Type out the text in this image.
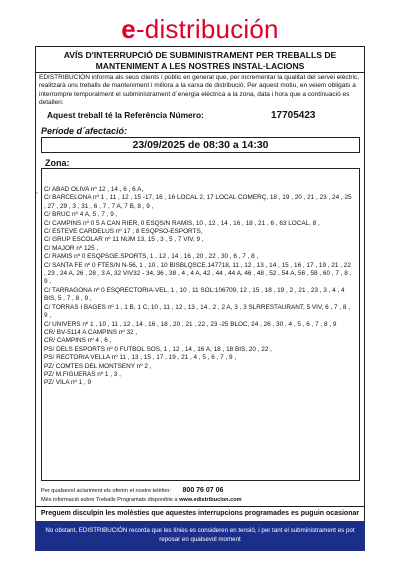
e-distribución
AVÍS D'INTERRUPCIÓ DE SUBMINISTRAMENT PER TREBALLS DE MANTENIMENT A LES NOSTRES INSTAL·LACIONS
EDISTRIBUCIÓN informa als seus clients i públic en general que, per incrementar la qualitat del servei elèctric, realitzarà uns treballs de manteniment i millora a la xarxa de distribució. Per aquest motiu, en veiem obligats a interrompre temporalment el subministrament d´energia elèctrica a la zona, data i hora que a continuació es detallen:
Aquest treball té la Referència Número:	17705423
Període d´afectació:
23/09/2025 de 08:30 a 14:30
Zona:
, C/ ABAD OLIVA nº 12 , 14 , 6 , 6 A,
C/ BARCELONA nº 1 , 11 , 12 , 15 -17, 16 , 16 LOCAL 2, 17 LOCAL COMERÇ, 18 , 19 , 20 , 21 , 23 , 24 , 25 , 27 , 29 , 3 , 31 , 6 , 7 , 7 A, 7 B, 8 , 9 ,
C/ BRUC nº 4 A, 5 , 7 , 9 ,
C/ CAMPINS nº 0 5 A CAN RIER, 0 ESQS/N RAMIS, 10 , 12 , 14 , 16 , 18 , 21 , 6 , 63 LOCAL, 8 ,
C/ ESTEVE CARDELUS nº 17 , 8 ESQPSO-ESPORTS,
C/ GRUP ESCOLAR nº 11 NUM 13, 15 , 3 , 5 , 7 VIV, 9 ,
C/ MAJOR nº 125 ,
C/ RAMIS nº 0 ESQPSGE.SPORTS, 1 , 12 , 14 , 16 , 20 , 22 , 30 , 6 , 7 , 8 ,
C/ SANTA FE nº 0 FTES/N N-56, 1 , 10 , 10 BISBLQSCE.147718, 11 , 12 , 13 , 14 , 15 , 16 , 17 , 19 , 21 , 22 , 23 , 24 A, 26 , 28 , 3 A, 32 VIV32 - 34, 36 , 38 , 4 , 4 A, 42 , 44 , 44 A, 46 , 48 , 52 , 54 A, 56 , 58 , 60 , 7 , 8 , 9 ,
C/ TARRAGONA nº 0 ESQRECTORIA-VEL, 1 , 10 , 11 SOL:106709, 12 , 15 , 18 , 19 , 2 , 21 , 23 , 3 , 4 , 4 BIS, 5 , 7 , 8 , 9 ,
C/ TORRAS I BAGES nº 1 , 1 B, 1 C, 10 , 11 , 12 , 13 , 14 , 2 , 2 A, 3 , 3 SLRRESTAURANT, 5 VIV, 6 , 7 , 8 , 9 ,
C/ UNIVERS nº 1 , 10 , 11 , 12 , 14 , 16 , 18 , 20 , 21 , 22 , 23 -25 BLOC, 24 , 26 , 30 , 4 , 5 , 6 , 7 , 8 , 9
CR/ BV-5114 A CAMPINS nº 32 ,
CR/ CAMPINS nº 4 , 6 ,
PS/ DELS ESPORTS nº 0 FUTBOL SOS, 1 , 12 , 14 , 16 A, 18 , 18 BIS, 20 , 22 ,
PS/ RECTORIA VELLA nº 11 , 13 , 15 , 17 , 19 , 21 , 4 , 5 , 6 , 7 , 9 ,
PZ/ COMTES DEL MONTSENY nº 2 ,
PZ/ M.FIGUERAS nº 1 , 3 ,
PZ/ VILA nº 1 , 9
Per qualsevol aclariment els oferim el nostre telèfon: 800 76 07 06
Més informació sobre Treballs Programats disponible a www.edistribucion.com
Preguem disculpin les molèsties que aquestes interrupcions programades es puguin ocasionar
No obstant, EDISTRIBUCIÓN recorda que les línies es consideren en tensió, i per tant el subministrament es pot reposar en qualsevol moment
